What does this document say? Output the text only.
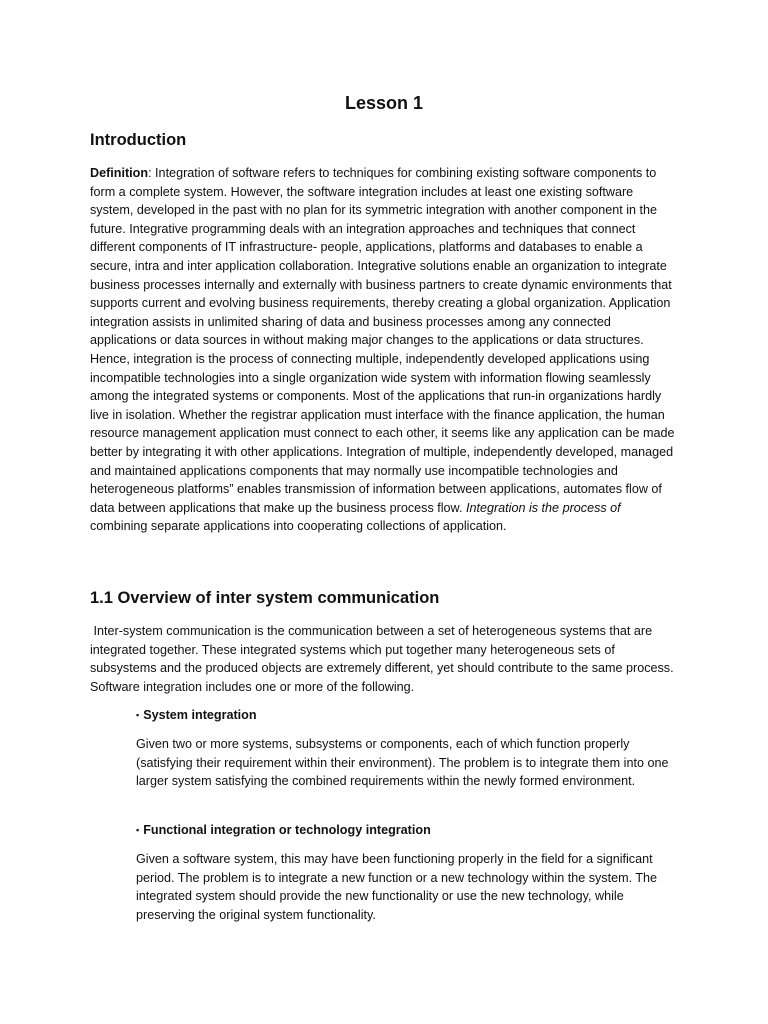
Lesson 1
Introduction

Definition: Integration of software refers to techniques for combining existing software components to form a complete system. However, the software integration includes at least one existing software system, developed in the past with no plan for its symmetric integration with another component in the future. Integrative programming deals with an integration approaches and techniques that connect different components of IT infrastructure- people, applications, platforms and databases to enable a secure, intra and inter application collaboration. Integrative solutions enable an organization to integrate business processes internally and externally with business partners to create dynamic environments that supports current and evolving business requirements, thereby creating a global organization. Application integration assists in unlimited sharing of data and business processes among any connected applications or data sources in without making major changes to the applications or data structures. Hence, integration is the process of connecting multiple, independently developed applications using incompatible technologies into a single organization wide system with information flowing seamlessly among the integrated systems or components. Most of the applications that run-in organizations hardly live in isolation. Whether the registrar application must interface with the finance application, the human resource management application must connect to each other, it seems like any application can be made better by integrating it with other applications. Integration of multiple, independently developed, managed and maintained applications components that may normally use incompatible technologies and heterogeneous platforms” enables transmission of information between applications, automates flow of data between applications that make up the business process flow. Integration is the process of combining separate applications into cooperating collections of application.

1.1 Overview of inter system communication

Inter-system communication is the communication between a set of heterogeneous systems that are integrated together. These integrated systems which put together many heterogeneous sets of subsystems and the produced objects are extremely different, yet should contribute to the same process. Software integration includes one or more of the following.

▪ System integration

Given two or more systems, subsystems or components, each of which function properly (satisfying their requirement within their environment). The problem is to integrate them into one larger system satisfying the combined requirements within the newly formed environment.

▪ Functional integration or technology integration

Given a software system, this may have been functioning properly in the field for a significant period. The problem is to integrate a new function or a new technology within the system. The integrated system should provide the new functionality or use the new technology, while preserving the original system functionality.
